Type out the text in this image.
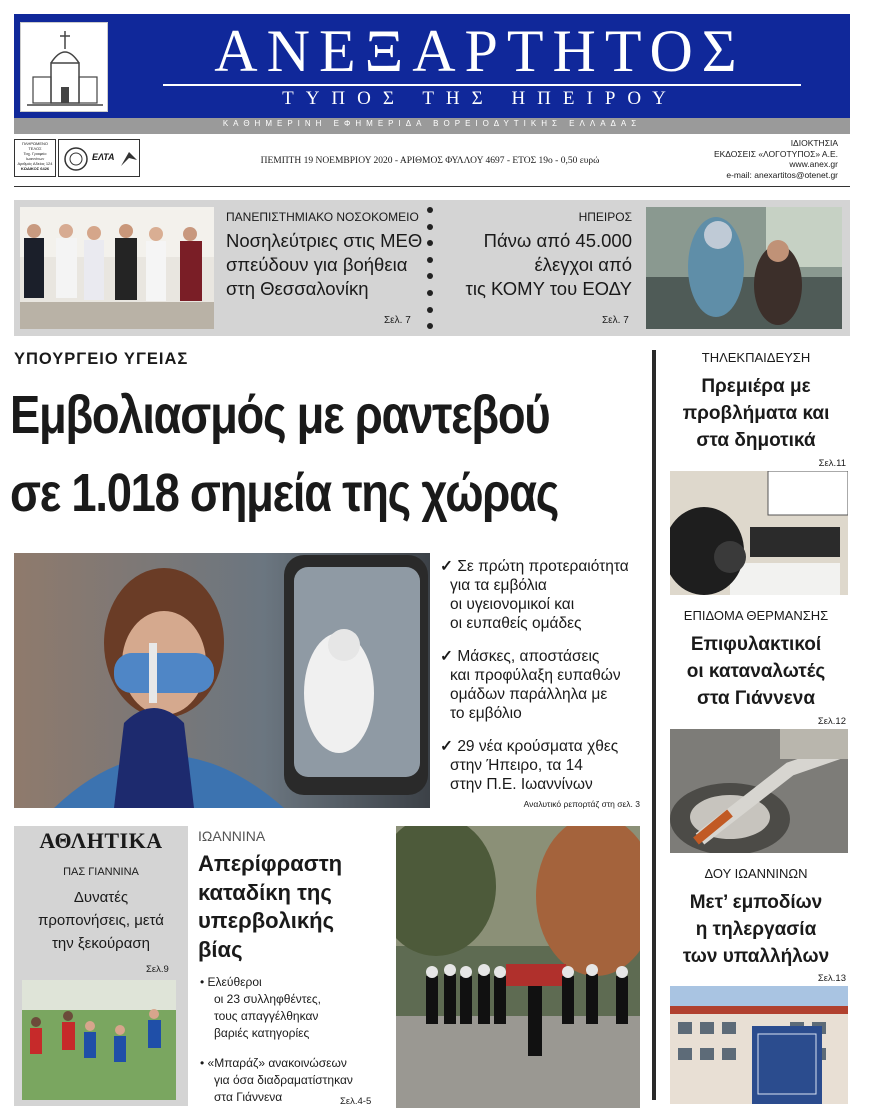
ΑΝΕΞΑΡΤΗΤΟΣ
ΤΥΠΟΣ ΤΗΣ ΗΠΕΙΡΟΥ
ΚΑΘΗΜΕΡΙΝΗ ΕΦΗΜΕΡΙΔΑ ΒΟΡΕΙΟΔΥΤΙΚΗΣ ΕΛΛΑΔΑΣ
ΠΛΗΡΩΜΕΝΟ ΤΕΛΟΣ
Ταχ. Γραφείο
Ιωαννίνων
Αριθμός Αδείας 124
ΚΩΔΙΚΟΣ 6426
ΕΛΤΑ	ΠΕΜΠΤΗ 19 ΝΟΕΜΒΡΙΟΥ 2020 - ΑΡΙΘΜΟΣ ΦΥΛΛΟΥ 4697 - ΕΤΟΣ 19ο - 0,50 ευρώ
ΙΔΙΟΚΤΗΣΙΑ
ΕΚΔΟΣΕΙΣ «ΛΟΓΟΤΥΠΟΣ» Α.Ε.
www.anex.gr
e-mail: anexartitos@otenet.gr
ΠΑΝΕΠΙΣΤΗΜΙΑΚΟ ΝΟΣΟΚΟΜΕΙΟ
Νοσηλεύτριες στις ΜΕΘ
σπεύδουν για βοήθεια
στη Θεσσαλονίκη
Σελ. 7
ΗΠΕΙΡΟΣ
Πάνω από 45.000
έλεγχοι από
τις ΚΟΜΥ του ΕΟΔΥ
Σελ. 7
ΥΠΟΥΡΓΕΙΟ ΥΓΕΙΑΣ
Εμβολιασμός με ραντεβού
σε 1.018 σημεία της χώρας
✓ Σε πρώτη προτεραιότητα
για τα εμβόλια
οι υγειονομικοί και
οι ευπαθείς ομάδες
✓ Μάσκες, αποστάσεις
και προφύλαξη ευπαθών
ομάδων παράλληλα με
το εμβόλιο
✓ 29 νέα κρούσματα χθες
στην Ήπειρο, τα 14
στην Π.Ε. Ιωαννίνων
Αναλυτικό ρεπορτάζ στη σελ. 3
ΤΗΛΕΚΠΑΙΔΕΥΣΗ
Πρεμιέρα με
προβλήματα και
στα δημοτικά
Σελ.11
ΕΠΙΔΟΜΑ ΘΕΡΜΑΝΣΗΣ
Επιφυλακτικοί
οι καταναλωτές
στα Γιάννενα
Σελ.12
ΔΟΥ ΙΩΑΝΝΙΝΩΝ
Μετ’ εμποδίων
η τηλεργασία
των υπαλλήλων
Σελ.13
ΑΘΛΗΤΙΚΑ
ΠΑΣ ΓΙΑΝΝΙΝΑ
Δυνατές
προπονήσεις, μετά
την ξεκούραση
Σελ.9
ΙΩΑΝΝΙΝΑ
Απερίφραστη
καταδίκη της
υπερβολικής
βίας
• Ελεύθεροι
οι 23 συλληφθέντες,
τους απαγγέλθηκαν
βαριές κατηγορίες
• «Μπαράζ» ανακοινώσεων
για όσα διαδραματίστηκαν
στα Γιάννενα	Σελ.4-5
